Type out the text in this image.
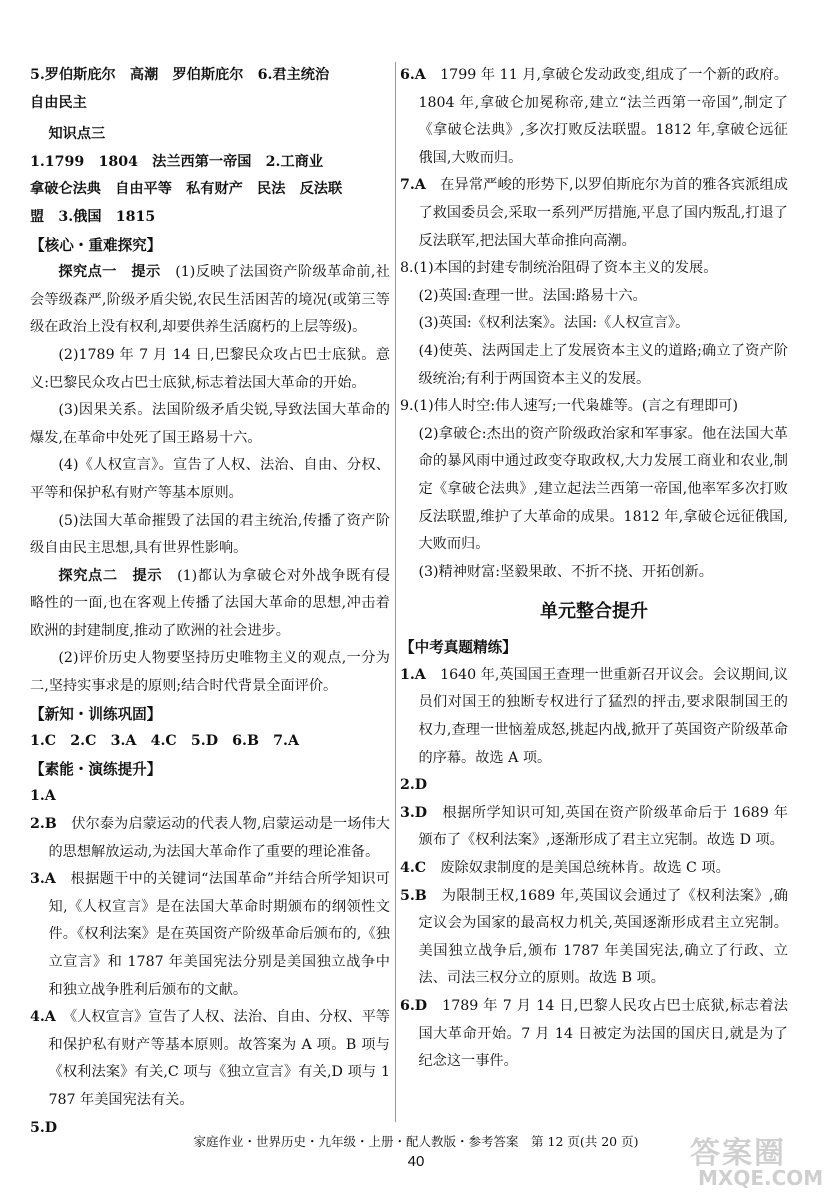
5.罗伯斯庇尔　高潮　罗伯斯庇尔　6.君主统治
自由民主
知识点三
1.1799　1804　法兰西第一帝国　2.工商业
拿破仑法典　自由平等　私有财产　民法　反法联
盟　3.俄国　1815
【核心・重难探究】
探究点一　提示　 (1)反映了法国资产阶级革命前,社会等级森严,阶级矛盾尖锐,农民生活困苦的境况(或第三等级在政治上没有权利,却要供养生活腐朽的上层等级)。
(2)1789 年 7 月 14 日,巴黎民众攻占巴士底狱。意义:巴黎民众攻占巴士底狱,标志着法国大革命的开始。
(3)因果关系。法国阶级矛盾尖锐,导致法国大革命的爆发,在革命中处死了国王路易十六。
(4)《人权宣言》。宣告了人权、法治、自由、分权、平等和保护私有财产等基本原则。
(5)法国大革命摧毁了法国的君主统治,传播了资产阶级自由民主思想,具有世界性影响。
探究点二　提示　 (1)都认为拿破仑对外战争既有侵略性的一面,也在客观上传播了法国大革命的思想,冲击着欧洲的封建制度,推动了欧洲的社会进步。
(2)评价历史人物要坚持历史唯物主义的观点,一分为二,坚持实事求是的原则;结合时代背景全面评价。
【新知・训练巩固】
1.C　2.C　3.A　4.C　5.D　6.B　7.A
【素能・演练提升】
1.A
2.B　 伏尔泰为启蒙运动的代表人物,启蒙运动是一场伟大的思想解放运动,为法国大革命作了重要的理论准备。
3.A　 根据题干中的关键词“法国革命”并结合所学知识可知,《人权宣言》是在法国大革命时期颁布的纲领性文件。《权利法案》是在英国资产阶级革命后颁布的,《独立宣言》和 1787 年美国宪法分别是美国独立战争中和独立战争胜利后颁布的文献。
4.A　 《人权宣言》宣告了人权、法治、自由、分权、平等和保护私有财产等基本原则。故答案为 A 项。B 项与《权利法案》有关,C 项与《独立宣言》有关,D 项与 1787 年美国宪法有关。
5.D
6.A　 1799 年 11 月,拿破仑发动政变,组成了一个新的政府。1804 年,拿破仑加冕称帝,建立“法兰西第一帝国”,制定了《拿破仑法典》,多次打败反法联盟。1812 年,拿破仑远征俄国,大败而归。
7.A　 在异常严峻的形势下,以罗伯斯庇尔为首的雅各宾派组成了救国委员会,采取一系列严厉措施,平息了国内叛乱,打退了反法联军,把法国大革命推向高潮。
8.(1)本国的封建专制统治阻碍了资本主义的发展。
(2)英国:查理一世。法国:路易十六。
(3)英国:《权利法案》。法国:《人权宣言》。
(4)使英、法两国走上了发展资本主义的道路;确立了资产阶级统治;有利于两国资本主义的发展。
9.(1)伟人时空:伟人速写;一代枭雄等。(言之有理即可)
(2)拿破仑:杰出的资产阶级政治家和军事家。他在法国大革命的暴风雨中通过政变夺取政权,大力发展工商业和农业,制定《拿破仑法典》,建立起法兰西第一帝国,他率军多次打败反法联盟,维护了大革命的成果。1812 年,拿破仑远征俄国,大败而归。
(3)精神财富:坚毅果敢、不折不挠、开拓创新。
单元整合提升
【中考真题精练】
1.A　 1640 年,英国国王查理一世重新召开议会。会议期间,议员们对国王的独断专权进行了猛烈的抨击,要求限制国王的权力,查理一世恼羞成怒,挑起内战,掀开了英国资产阶级革命的序幕。故选 A 项。
2.D
3.D　 根据所学知识可知,英国在资产阶级革命后于 1689 年颁布了《权利法案》,逐渐形成了君主立宪制。故选 D 项。
4.C　 废除奴隶制度的是美国总统林肯。故选 C 项。
5.B　 为限制王权,1689 年,英国议会通过了《权利法案》,确定议会为国家的最高权力机关,英国逐渐形成君主立宪制。美国独立战争后,颁布 1787 年美国宪法,确立了行政、立法、司法三权分立的原则。故选 B 项。
6.D　 1789 年 7 月 14 日,巴黎人民攻占巴士底狱,标志着法国大革命开始。7 月 14 日被定为法国的国庆日,就是为了纪念这一事件。
家庭作业・世界历史・九年级・上册・配人教版・参考答案　第 12 页(共 20 页)
40	答案圈
MXQE.COM
